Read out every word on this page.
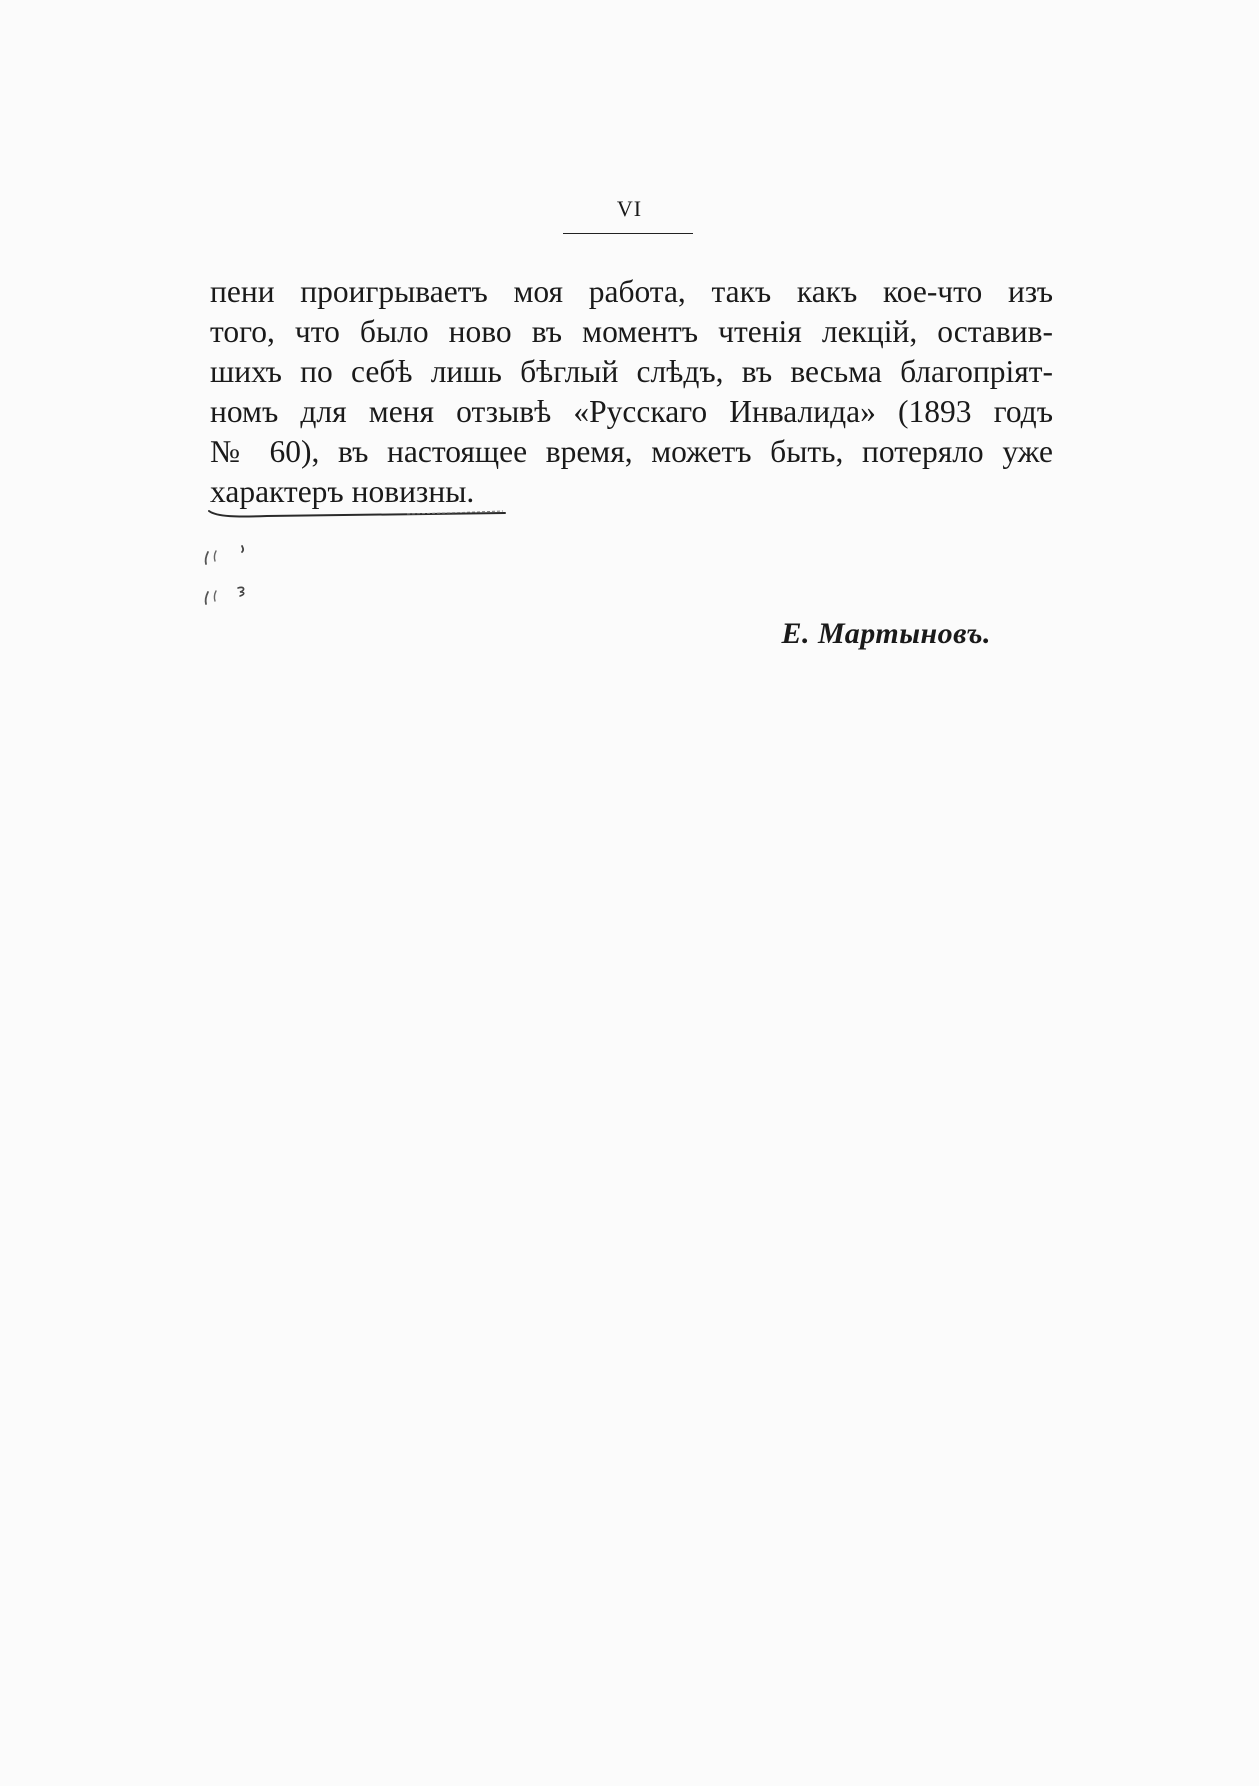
VI
пени проигрываетъ моя работа, такъ какъ кое-что изъ
того, что было ново въ моментъ чтенія лекцій, оставив-
шихъ по себѣ лишь бѣглый слѣдъ, въ весьма благопріят-
номъ для меня отзывѣ «Русскаго Инвалида» (1893 годъ
№ 60), въ настоящее время, можетъ быть, потеряло уже
характеръ новизны.
Е. Мартыновъ.
